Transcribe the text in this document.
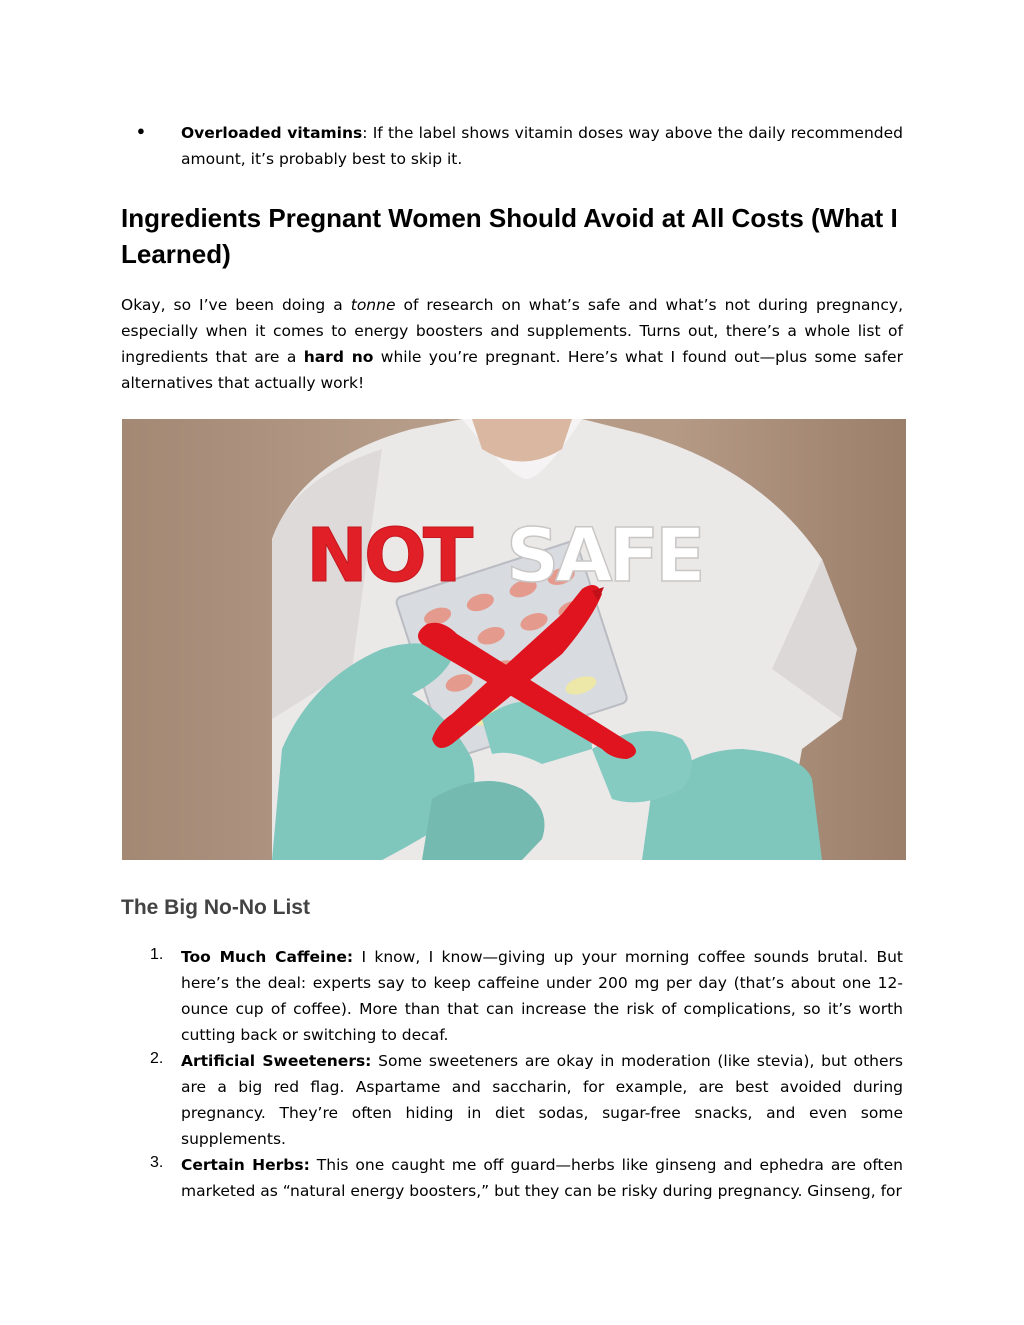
● Overloaded vitamins: If the label shows vitamin doses way above the daily recommended amount, it’s probably best to skip it.
Ingredients Pregnant Women Should Avoid at All Costs (What I Learned)

Okay, so I’ve been doing a tonne of research on what’s safe and what’s not during pregnancy, especially when it comes to energy boosters and supplements. Turns out, there’s a whole list of ingredients that are a hard no while you’re pregnant. Here’s what I found out—plus some safer alternatives that actually work!

NOT SAFE
The Big No-No List
1. Too Much Caffeine: I know, I know—giving up your morning coffee sounds brutal. But here’s the deal: experts say to keep caffeine under 200 mg per day (that’s about one 12-ounce cup of coffee). More than that can increase the risk of complications, so it’s worth cutting back or switching to decaf.
2. Artificial Sweeteners: Some sweeteners are okay in moderation (like stevia), but others are a big red flag. Aspartame and saccharin, for example, are best avoided during pregnancy. They’re often hiding in diet sodas, sugar-free snacks, and even some supplements.
3. Certain Herbs: This one caught me off guard—herbs like ginseng and ephedra are often marketed as “natural energy boosters,” but they can be risky during pregnancy. Ginseng, for
